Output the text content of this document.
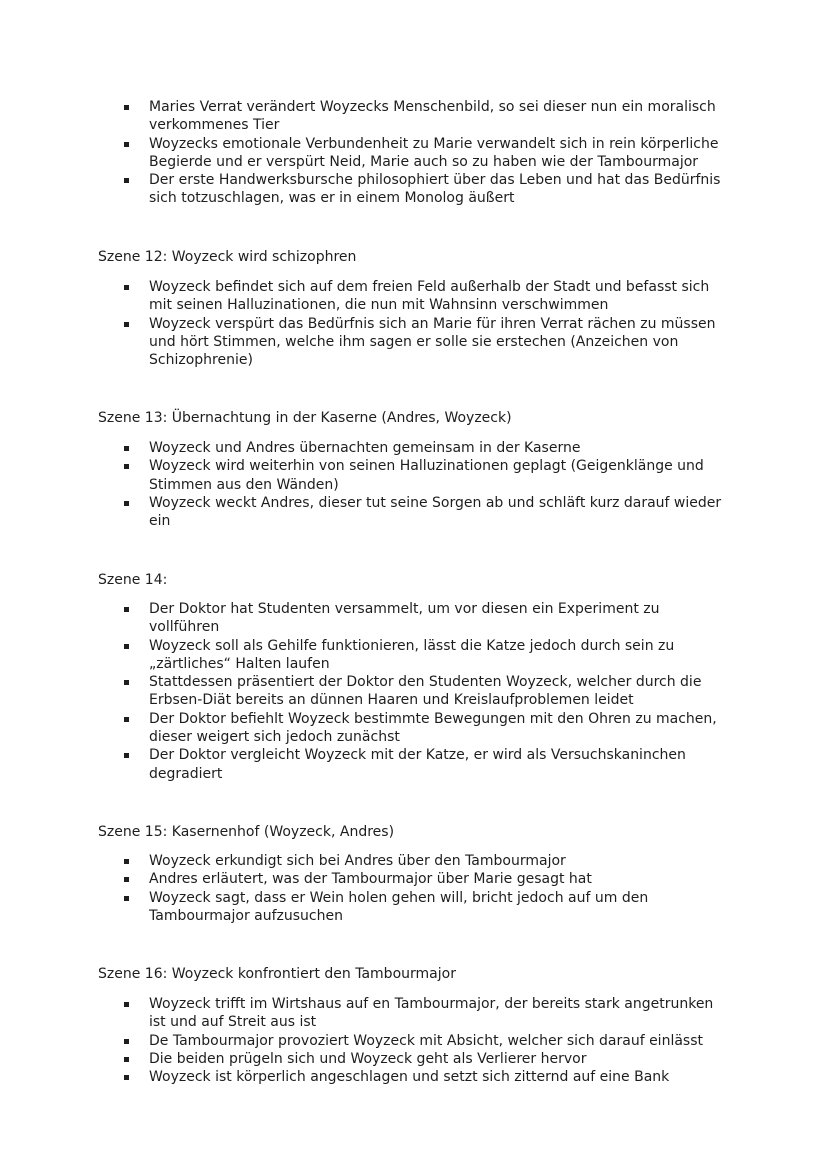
Maries Verrat verändert Woyzecks Menschenbild, so sei dieser nun ein moralisch verkommenes Tier
Woyzecks emotionale Verbundenheit zu Marie verwandelt sich in rein körperliche Begierde und er verspürt Neid, Marie auch so zu haben wie der Tambourmajor
Der erste Handwerksbursche philosophiert über das Leben und hat das Bedürfnis sich totzuschlagen, was er in einem Monolog äußert
Szene 12: Woyzeck wird schizophren
Woyzeck befindet sich auf dem freien Feld außerhalb der Stadt und befasst sich mit seinen Halluzinationen, die nun mit Wahnsinn verschwimmen
Woyzeck verspürt das Bedürfnis sich an Marie für ihren Verrat rächen zu müssen und hört Stimmen, welche ihm sagen er solle sie erstechen (Anzeichen von Schizophrenie)
Szene 13: Übernachtung in der Kaserne (Andres, Woyzeck)
Woyzeck und Andres übernachten gemeinsam in der Kaserne
Woyzeck wird weiterhin von seinen Halluzinationen geplagt (Geigenklänge und Stimmen aus den Wänden)
Woyzeck weckt Andres, dieser tut seine Sorgen ab und schläft kurz darauf wieder ein
Szene 14:
Der Doktor hat Studenten versammelt, um vor diesen ein Experiment zu vollführen
Woyzeck soll als Gehilfe funktionieren, lässt die Katze jedoch durch sein zu „zärtliches“ Halten laufen
Stattdessen präsentiert der Doktor den Studenten Woyzeck, welcher durch die Erbsen-Diät bereits an dünnen Haaren und Kreislaufproblemen leidet
Der Doktor befiehlt Woyzeck bestimmte Bewegungen mit den Ohren zu machen, dieser weigert sich jedoch zunächst
Der Doktor vergleicht Woyzeck mit der Katze, er wird als Versuchskaninchen degradiert
Szene 15: Kasernenhof (Woyzeck, Andres)
Woyzeck erkundigt sich bei Andres über den Tambourmajor
Andres erläutert, was der Tambourmajor über Marie gesagt hat
Woyzeck sagt, dass er Wein holen gehen will, bricht jedoch auf um den Tambourmajor aufzusuchen
Szene 16: Woyzeck konfrontiert den Tambourmajor
Woyzeck trifft im Wirtshaus auf en Tambourmajor, der bereits stark angetrunken ist und auf Streit aus ist
De Tambourmajor provoziert Woyzeck mit Absicht, welcher sich darauf einlässt
Die beiden prügeln sich und Woyzeck geht als Verlierer hervor
Woyzeck ist körperlich angeschlagen und setzt sich zitternd auf eine Bank
